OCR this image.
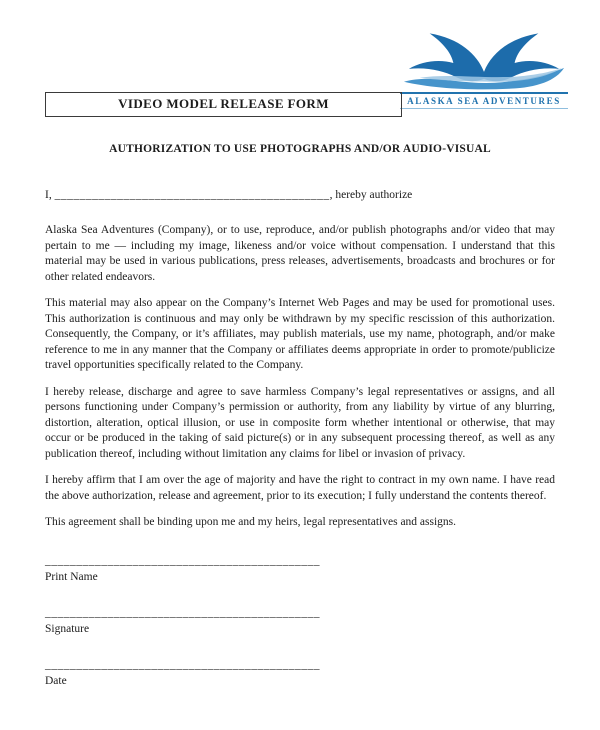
ALASKA SEA ADVENTURES
VIDEO MODEL RELEASE FORM
AUTHORIZATION TO USE PHOTOGRAPHS AND/OR AUDIO-VISUAL

I, ____________________________________________, hereby authorize

Alaska Sea Adventures (Company), or to use, reproduce, and/or publish photographs and/or video that may pertain to me — including my image, likeness and/or voice without compensation. I understand that this material may be used in various publications, press releases, advertisements, broadcasts and brochures or for other related endeavors.

This material may also appear on the Company’s Internet Web Pages and may be used for promotional uses. This authorization is continuous and may only be withdrawn by my specific rescission of this authorization. Consequently, the Company, or it’s affiliates, may publish materials, use my name, photograph, and/or make reference to me in any manner that the Company or affiliates deems appropriate in order to promote/publicize travel opportunities specifically related to the Company.

I hereby release, discharge and agree to save harmless Company’s legal representatives or assigns, and all persons functioning under Company’s permission or authority, from any liability by virtue of any blurring, distortion, alteration, optical illusion, or use in composite form whether intentional or otherwise, that may occur or be produced in the taking of said picture(s) or in any subsequent processing thereof, as well as any publication thereof, including without limitation any claims for libel or invasion of privacy.

I hereby affirm that I am over the age of majority and have the right to contract in my own name. I have read the above authorization, release and agreement, prior to its execution; I fully understand the contents thereof.

This agreement shall be binding upon me and my heirs, legal representatives and assigns.

____________________________________________
Print Name
____________________________________________
Signature
____________________________________________
Date
